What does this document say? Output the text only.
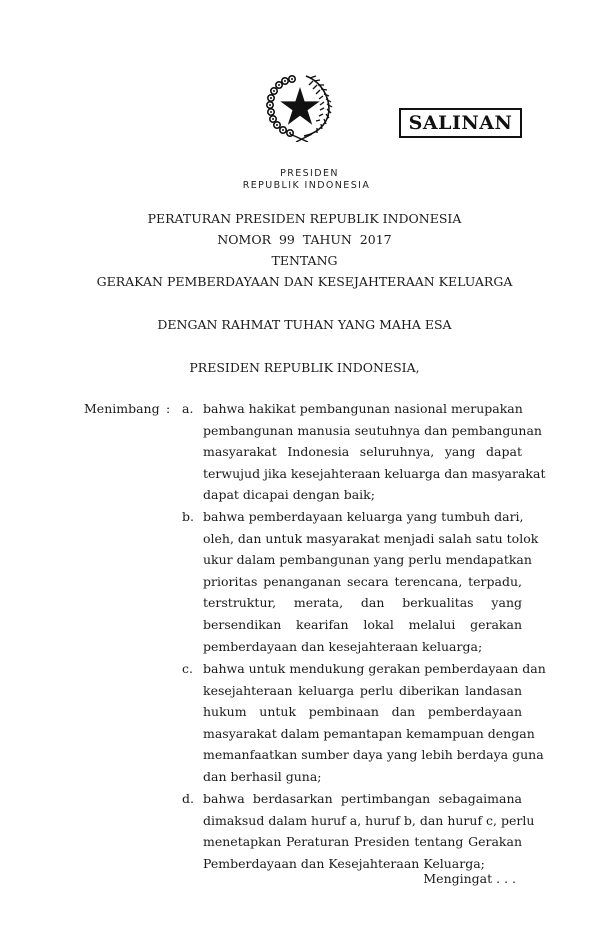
SALINAN
PRESIDEN
REPUBLIK INDONESIA
PERATURAN PRESIDEN REPUBLIK INDONESIA
NOMOR  99  TAHUN  2017
TENTANG
GERAKAN PEMBERDAYAAN DAN KESEJAHTERAAN KELUARGA
DENGAN RAHMAT TUHAN YANG MAHA ESA
PRESIDEN REPUBLIK INDONESIA,
Menimbang : a. bahwa hakikat pembangunan nasional merupakan
pembangunan manusia seutuhnya dan pembangunan
masyarakat Indonesia seluruhnya, yang dapat
terwujud jika kesejahteraan keluarga dan masyarakat
dapat dicapai dengan baik;
b. bahwa pemberdayaan keluarga yang tumbuh dari,
oleh, dan untuk masyarakat menjadi salah satu tolok
ukur dalam pembangunan yang perlu mendapatkan
prioritas penanganan secara terencana, terpadu,
terstruktur, merata, dan berkualitas yang
bersendikan kearifan lokal melalui gerakan
pemberdayaan dan kesejahteraan keluarga;
c. bahwa untuk mendukung gerakan pemberdayaan dan
kesejahteraan keluarga perlu diberikan landasan
hukum untuk pembinaan dan pemberdayaan
masyarakat dalam pemantapan kemampuan dengan
memanfaatkan sumber daya yang lebih berdaya guna
dan berhasil guna;
d. bahwa berdasarkan pertimbangan sebagaimana
dimaksud dalam huruf a, huruf b, dan huruf c, perlu
menetapkan Peraturan Presiden tentang Gerakan
Pemberdayaan dan Kesejahteraan Keluarga;
Mengingat . . .
